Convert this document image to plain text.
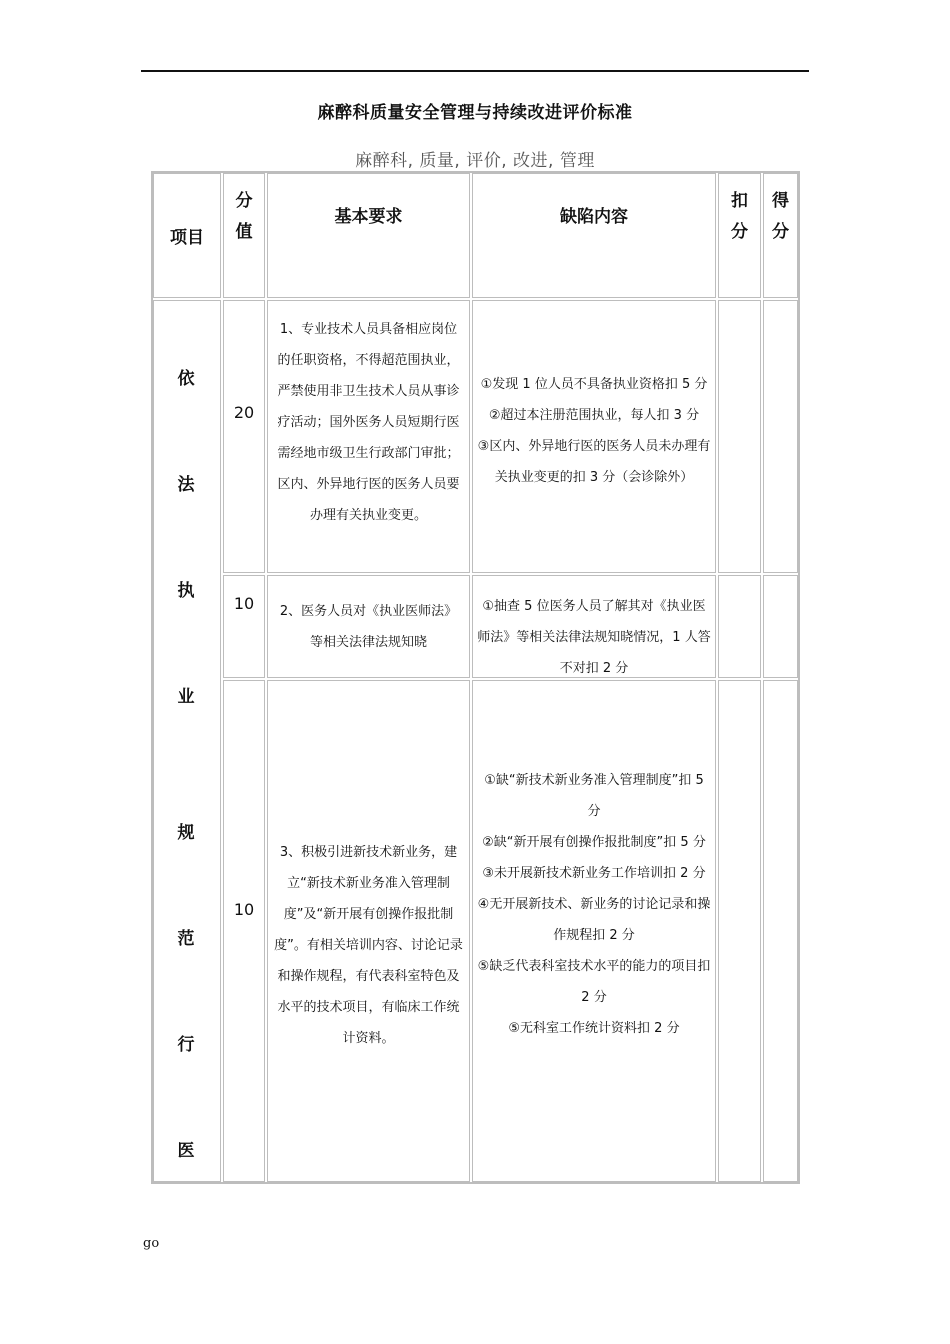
麻醉科质量安全管理与持续改进评价标准
麻醉科, 质量, 评价, 改进, 管理
项目
分
值
基本要求	缺陷内容
扣
分
得
分
依
法
执
业
规
范
行
医
20
1、专业技术人员具备相应岗位的任职资格，不得超范围执业，严禁使用非卫生技术人员从事诊疗活动；国外医务人员短期行医需经地市级卫生行政部门审批；区内、外异地行医的医务人员要办理有关执业变更。

①发现 1 位人员不具备执业资格扣 5 分

②超过本注册范围执业，每人扣 3 分

③区内、外异地行医的医务人员未办理有关执业变更的扣 3 分（会诊除外）

10	2、医务人员对《执业医师法》等相关法律法规知晓

①抽查 5 位医务人员了解其对《执业医师法》等相关法律法规知晓情况，1 人答不对扣 2 分

10
3、积极引进新技术新业务，建立“新技术新业务准入管理制度”及“新开展有创操作报批制度”。有相关培训内容、讨论记录和操作规程，有代表科室特色及水平的技术项目，有临床工作统计资料。

①缺“新技术新业务准入管理制度”扣 5 分

②缺“新开展有创操作报批制度”扣 5 分

③未开展新技术新业务工作培训扣 2 分

④无开展新技术、新业务的讨论记录和操作规程扣 2 分

⑤缺乏代表科室技术水平的能力的项目扣 2 分

⑤无科室工作统计资料扣 2 分

go
